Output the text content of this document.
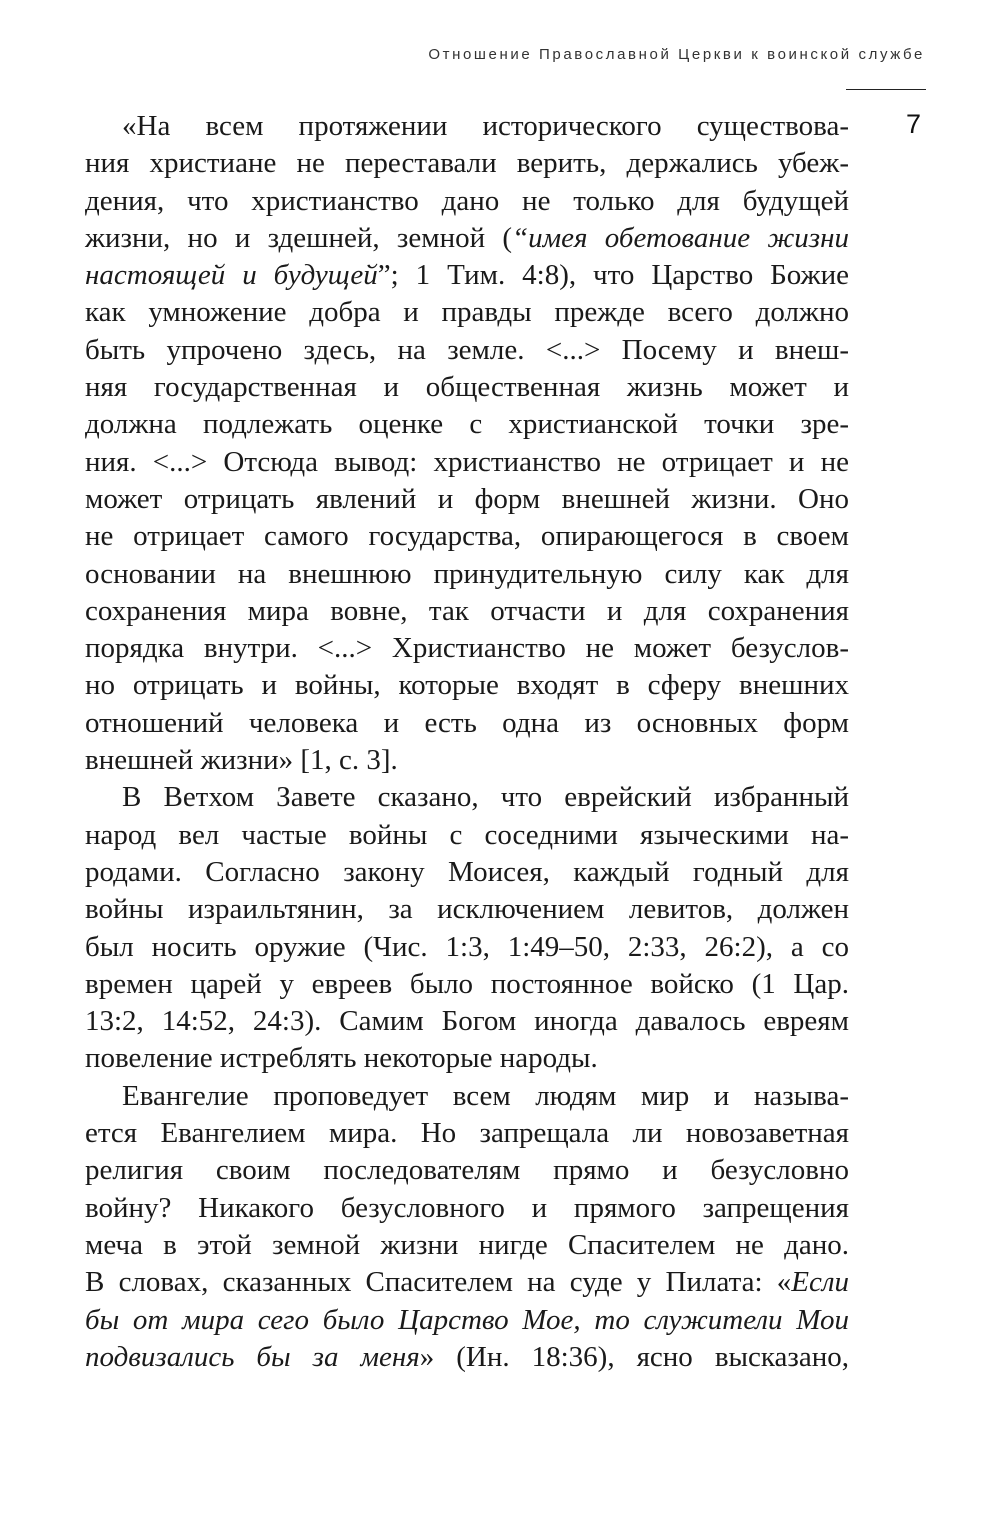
Отношение Православной Церкви к воинской службе
7
«На всем протяжении исторического существова-
ния христиане не переставали верить, держались убеж-
дения, что христианство дано не только для будущей
жизни, но и здешней, земной (“имея обетование жизни
настоящей и будущей”; 1 Тим. 4:8), что Царство Божие
как умножение добра и правды прежде всего должно
быть упрочено здесь, на земле. <...> Посему и внеш-
няя государственная и общественная жизнь может и
должна подлежать оценке с христианской точки зре-
ния. <...> Отсюда вывод: христианство не отрицает и не
может отрицать явлений и форм внешней жизни. Оно
не отрицает самого государства, опирающегося в своем
основании на внешнюю принудительную силу как для
сохранения мира вовне, так отчасти и для сохранения
порядка внутри. <...> Христианство не может безуслов-
но отрицать и войны, которые входят в сферу внешних
отношений человека и есть одна из основных форм
внешней жизни» [1, с. 3].
В Ветхом Завете сказано, что еврейский избранный
народ вел частые войны с соседними языческими на-
родами. Согласно закону Моисея, каждый годный для
войны израильтянин, за исключением левитов, должен
был носить оружие (Чис. 1:3, 1:49–50, 2:33, 26:2), а со
времен царей у евреев было постоянное войско (1 Цар.
13:2, 14:52, 24:3). Самим Богом иногда давалось евреям
повеление истреблять некоторые народы.
Евангелие проповедует всем людям мир и называ-
ется Евангелием мира. Но запрещала ли новозаветная
религия своим последователям прямо и безусловно
войну? Никакого безусловного и прямого запрещения
меча в этой земной жизни нигде Спасителем не дано.
В словах, сказанных Спасителем на суде у Пилата: «Если
бы от мира сего было Царство Мое, то служители Мои
подвизались бы за меня» (Ин. 18:36), ясно высказано,
